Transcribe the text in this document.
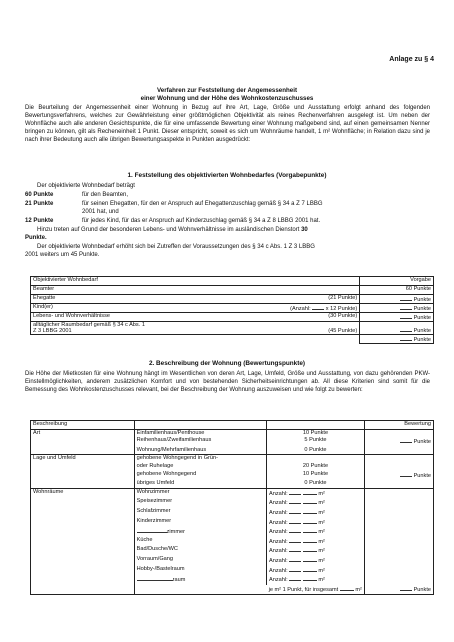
Anlage zu § 4
Verfahren zur Feststellung der Angemessenheit
einer Wohnung und der Höhe des Wohnkostenzuschusses
Die Beurteilung der Angemessenheit einer Wohnung in Bezug auf ihre Art, Lage, Größe und Ausstattung erfolgt anhand des folgenden Bewertungsverfahrens, welches zur Gewährleistung einer größtmöglichen Objektivität als reines Rechenverfahren ausgelegt ist. Um neben der Wohnfläche auch alle anderen Gesichtspunkte, die für eine umfassende Bewertung einer Wohnung maßgebend sind, auf einen gemeinsamen Nenner bringen zu können, gilt als Recheneinheit 1 Punkt. Dieser entspricht, soweit es sich um Wohnräume handelt, 1 m² Wohnfläche; in Relation dazu sind je nach ihrer Bedeutung auch alle übrigen Bewertungsaspekte in Punkten ausgedrückt:
1. Feststellung des objektivierten Wohnbedarfes (Vorgabepunkte)
Der objektivierte Wohnbedarf beträgt
60 Punkte	für den Beamten,
21 Punkte	für seinen Ehegatten, für den er Anspruch auf Ehegattenzuschlag gemäß § 34 a Z 7 LBBG
2001 hat, und
12 Punkte	für jedes Kind, für das er Anspruch auf Kinderzuschlag gemäß § 34 a Z 8 LBBG 2001 hat.
Hinzu treten auf Grund der besonderen Lebens- und Wohnverhältnisse im ausländischen Dienstort 30
Punkte.
Der objektivierte Wohnbedarf erhöht sich bei Zutreffen der Voraussetzungen des § 34 c Abs. 1 Z 3 LBBG
2001 weiters um 45 Punkte.
Objektivierter Wohnbedarf	Vorgabe
Beamter	60 Punkte
Ehegatte (21 Punkte)	Punkte
Kind(er) (Anzahl: x 12 Punkte)	Punkte
Lebens- und Wohnverhältnisse (30 Punkte)	Punkte

alltäglicher Raumbedarf gemäß § 34 c Abs. 1
Z 3 LBBG 2001 (45 Punkte)	Punkte
	Punkte
2. Beschreibung der Wohnung (Bewertungspunkte)
Die Höhe der Mietkosten für eine Wohnung hängt im Wesentlichen von deren Art, Lage, Umfeld, Größe und Ausstattung, von dazu gehörenden PKW-Einstellmöglichkeiten, anderem zusätzlichen Komfort und von bestehenden Sicherheitseinrichtungen ab. All diese Kriterien sind somit für die Bemessung des Wohnkostenzuschusses relevant, bei der Beschreibung der Wohnung auszuweisen und wie folgt zu bewerten:
Beschreibung			Bewertung
Art	Einfamilienhaus/Penthouse	10 Punkte	
	Reihenhaus/Zweifamilienhaus	5 Punkte	Punkte
	Wohnung/Mehrfamilienhaus	0 Punkte	
Lage und Umfeld	gehobene Wohngegend in Grün-		
	oder Ruhelage	20 Punkte	
	gehobene Wohngegend	10 Punkte	Punkte
	übriges Umfeld	0 Punkte	
Wohnräume	Wohnzimmer	Anzahl: m²	
	Speisezimmer	Anzahl: m²	
	Schlafzimmer	Anzahl: m²	
	Kinderzimmer	Anzahl: m²	
	zimmer	Anzahl: m²	
	Küche	Anzahl: m²	
	Bad/Dusche/WC	Anzahl: m²	
	Vorraum/Gang	Anzahl: m²	
	Hobby-/Bastelraum	Anzahl: m²	
	raum	Anzahl: m²	
	je m² 1 Punkt, für insgesamt m²		Punkte
